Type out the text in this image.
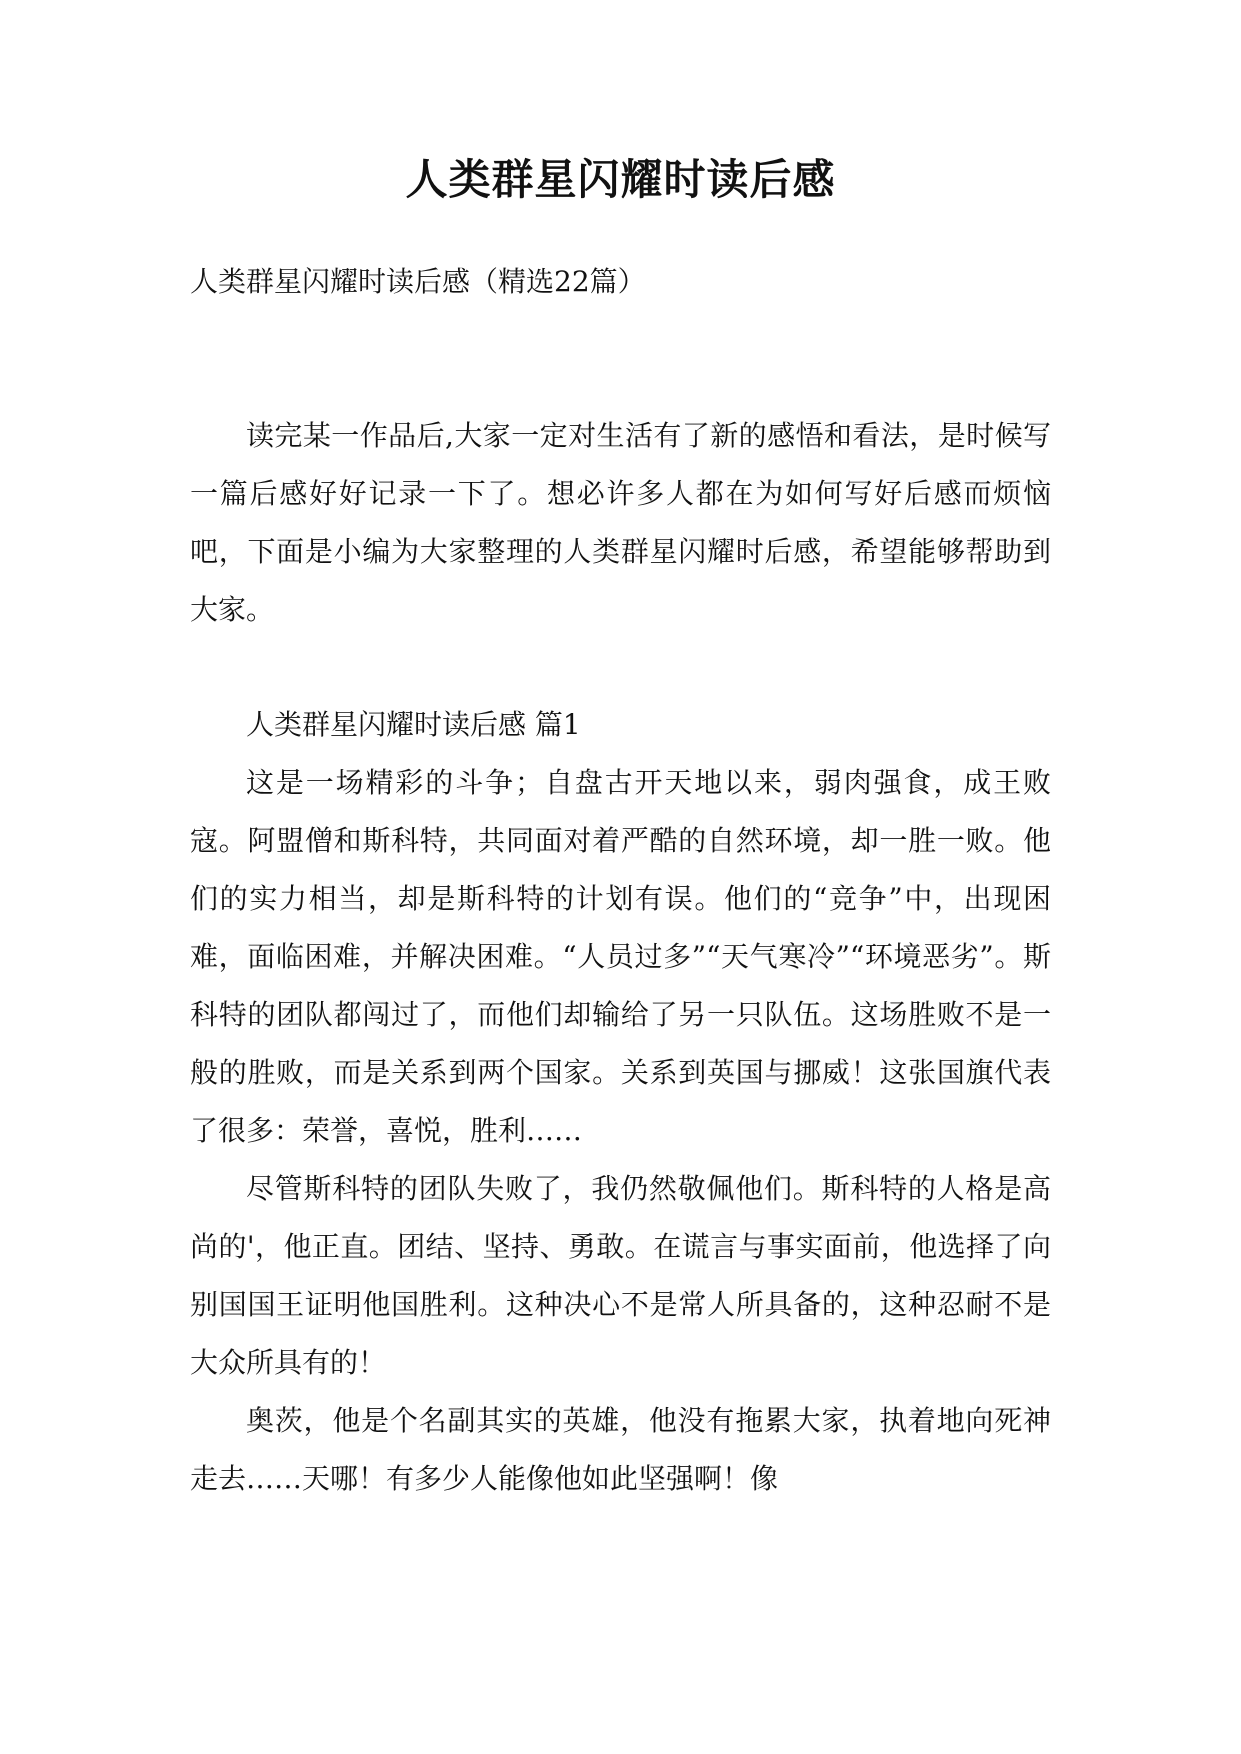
人类群星闪耀时读后感
人类群星闪耀时读后感（精选22篇）

读完某一作品后,大家一定对生活有了新的感悟和看法，是时候写一篇后感好好记录一下了。想必许多人都在为如何写好后感而烦恼吧，下面是小编为大家整理的人类群星闪耀时后感，希望能够帮助到大家。

人类群星闪耀时读后感 篇1

这是一场精彩的斗争；自盘古开天地以来，弱肉强食，成王败寇。阿盟僧和斯科特，共同面对着严酷的自然环境，却一胜一败。他们的实力相当，却是斯科特的计划有误。他们的“竞争”中，出现困难，面临困难，并解决困难。“人员过多”“天气寒冷”“环境恶劣”。斯科特的团队都闯过了，而他们却输给了另一只队伍。这场胜败不是一般的胜败，而是关系到两个国家。关系到英国与挪威！这张国旗代表了很多：荣誉，喜悦，胜利……

尽管斯科特的团队失败了，我仍然敬佩他们。斯科特的人格是高尚的'，他正直。团结、坚持、勇敢。在谎言与事实面前，他选择了向别国国王证明他国胜利。这种决心不是常人所具备的，这种忍耐不是大众所具有的！

奥茨，他是个名副其实的英雄，他没有拖累大家，执着地向死神走去……天哪！有多少人能像他如此坚强啊！像
